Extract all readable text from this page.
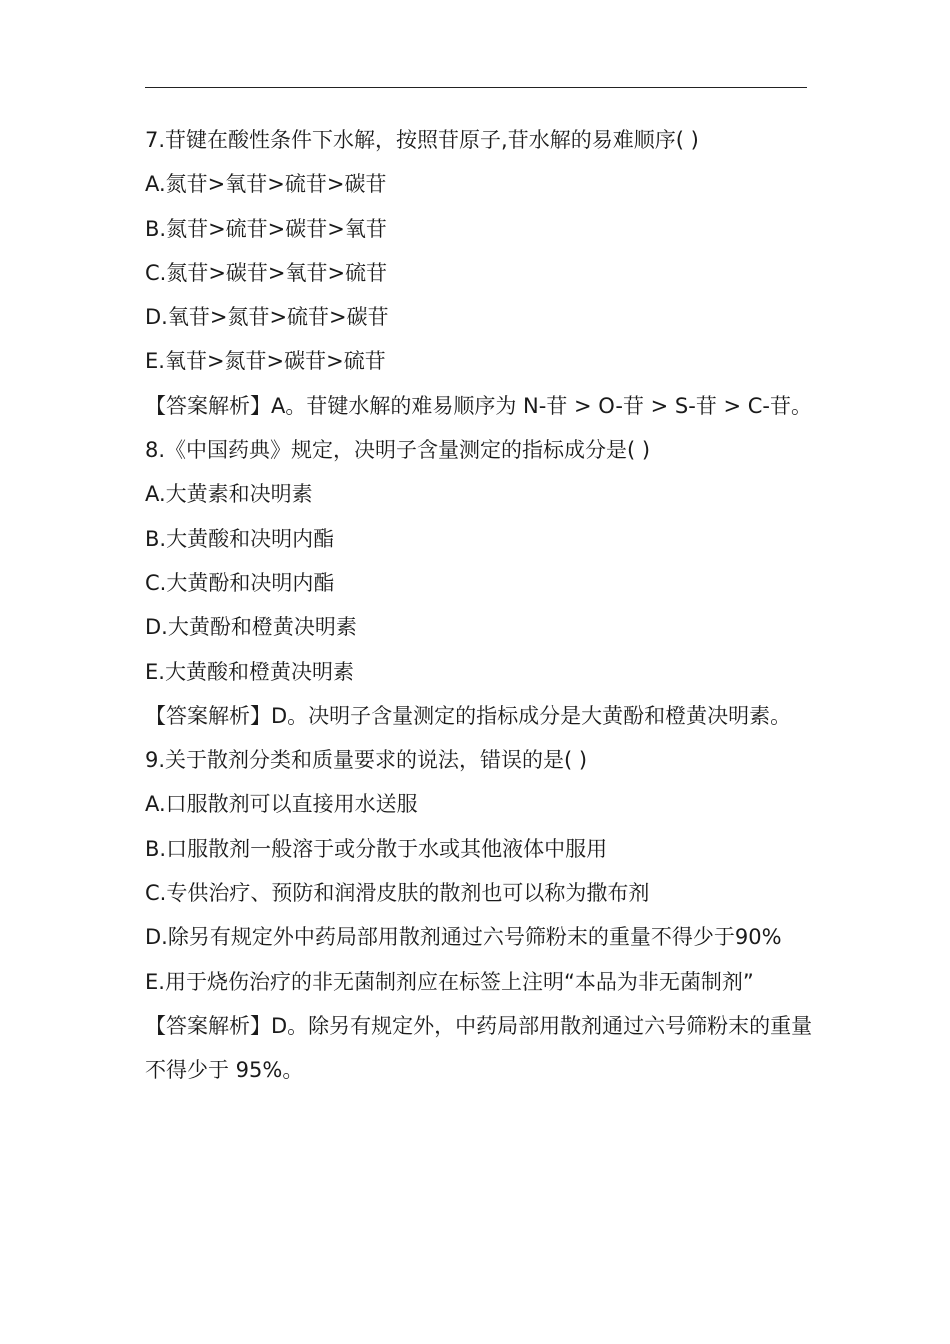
7.苷键在酸性条件下水解，按照苷原子,苷水解的易难顺序( )
A.氮苷>氧苷>硫苷>碳苷
B.氮苷>硫苷>碳苷>氧苷
C.氮苷>碳苷>氧苷>硫苷
D.氧苷>氮苷>硫苷>碳苷
E.氧苷>氮苷>碳苷>硫苷
【答案解析】A。苷键水解的难易顺序为 N-苷 > O-苷 > S-苷 > C-苷。
8.《中国药典》规定，决明子含量测定的指标成分是( )
A.大黄素和决明素
B.大黄酸和决明内酯
C.大黄酚和决明内酯
D.大黄酚和橙黄决明素
E.大黄酸和橙黄决明素
【答案解析】D。决明子含量测定的指标成分是大黄酚和橙黄决明素。
9.关于散剂分类和质量要求的说法，错误的是( )
A.口服散剂可以直接用水送服
B.口服散剂一般溶于或分散于水或其他液体中服用
C.专供治疗、预防和润滑皮肤的散剂也可以称为撒布剂
D.除另有规定外中药局部用散剂通过六号筛粉末的重量不得少于90%
E.用于烧伤治疗的非无菌制剂应在标签上注明“本品为非无菌制剂”
【答案解析】D。除另有规定外，中药局部用散剂通过六号筛粉末的重量不得少于 95%。
